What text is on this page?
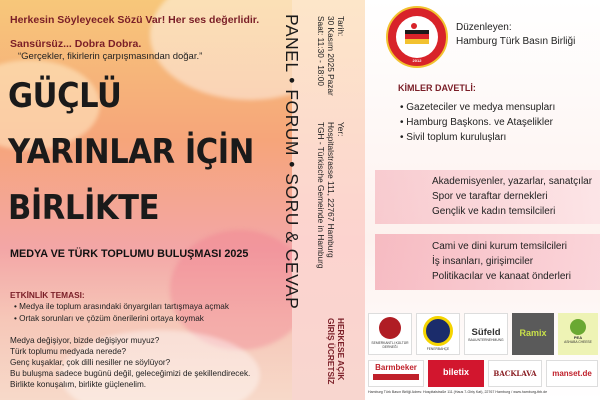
Herkesin Söyleyecek Sözü Var! Her ses değerlidir.
Sansürsüz... Dobra Dobra.
“Gerçekler, fikirlerin çarpışmasından doğar.”
GÜÇLÜ
YARINLAR İÇİN
BİRLİKTE
MEDYA VE TÜRK TOPLUMU BULUŞMASI 2025
ETKİNLİK TEMASI:
• Medya ile toplum arasındaki önyargıları tartışmaya açmak
• Ortak sorunları ve çözüm önerilerini ortaya koymak
Medya değişiyor, bizde değişiyor muyuz?
Türk toplumu medyada nerede?
Genç kuşaklar, çok dilli nesiller ne söylüyor?
Bu buluşma sadece bugünü değil, geleceğimizi de şekillendirecek.
Birlikte konuşalım, birlikte güçlenelim.
PANEL • FORUM • SORU & CEVAP	Tarih:
30 Kasım 2025 Pazar
Saat: 11:30 - 18:00
Yer:
Hospitalstrasse 111, 22767 Hamburg
TGH - Türkische Gemeinde in Hamburg
HERKESE AÇIK
GİRİŞ ÜCRETSİZ
HAMBURG TÜRK BASIN BİRLİĞİ
2012
Düzenleyen:
Hamburg Türk Basın Birliği
KİMLER DAVETLİ:
• Gazeteciler ve medya mensupları
• Hamburg Başkons. ve Ataşelikler
• Sivil toplum kuruluşları
Akademisyenler, yazarlar, sanatçılar
Spor ve taraftar dernekleri
Gençlik ve kadın temsilcileri
Cami ve dini kurum temsilcileri
İş insanları, girişimciler
Politikacılar ve kanaat önderleri
SEMERKANTLI KÜLTÜR DERNEĞİ	FENERBAHÇE
Süfeld
BAUUNTERNEHMUNG
Ramix	PEA
ASHABA CHEESE
Barmbeker	biletix	BACKLAVA	manset.de
Hamburg Türk Basın Birliği Adres: Hospitalstraße 111 (Haus 7-Giriş Kat), 22767 Hamburg / www.hamburg-tbb.de
